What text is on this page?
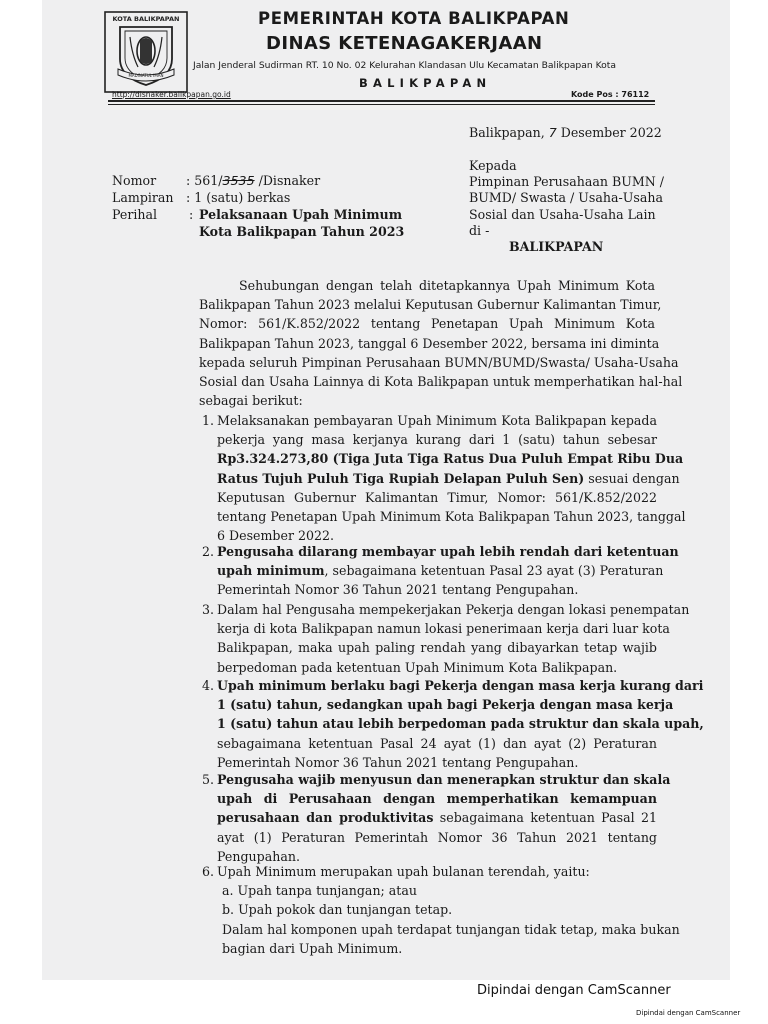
KOTA BALIKPAPAN
MADINATUL IMAN
PEMERINTAH KOTA BALIKPAPAN
DINAS KETENAGAKERJAAN
Jalan Jenderal Sudirman RT. 10 No. 02 Kelurahan Klandasan Ulu Kecamatan Balikpapan Kota
BALIKPAPAN
http://disnaker.balikpapan.go.id	Kode Pos : 76112
Balikpapan, 7 Desember 2022
Nomor : 561/3535 /Disnaker
Lampiran : 1 (satu) berkas
Perihal	: Pelaksanaan Upah Minimum
Kota Balikpapan Tahun 2023
Kepada
Pimpinan Perusahaan BUMN /
BUMD/ Swasta / Usaha-Usaha
Sosial dan Usaha-Usaha Lain
di -
BALIKPAPAN
Sehubungan dengan telah ditetapkannya Upah Minimum Kota
Balikpapan Tahun 2023 melalui Keputusan Gubernur Kalimantan Timur,
Nomor: 561/K.852/2022 tentang Penetapan Upah Minimum Kota
Balikpapan Tahun 2023, tanggal 6 Desember 2022, bersama ini diminta
kepada seluruh Pimpinan Perusahaan BUMN/BUMD/Swasta/ Usaha-Usaha
Sosial dan Usaha Lainnya di Kota Balikpapan untuk memperhatikan hal-hal
sebagai berikut:
1. Melaksanakan pembayaran Upah Minimum Kota Balikpapan kepada
pekerja yang masa kerjanya kurang dari 1 (satu) tahun sebesar
Rp3.324.273,80 (Tiga Juta Tiga Ratus Dua Puluh Empat Ribu Dua
Ratus Tujuh Puluh Tiga Rupiah Delapan Puluh Sen) sesuai dengan
Keputusan Gubernur Kalimantan Timur, Nomor: 561/K.852/2022
tentang Penetapan Upah Minimum Kota Balikpapan Tahun 2023, tanggal
6 Desember 2022.
2. Pengusaha dilarang membayar upah lebih rendah dari ketentuan
upah minimum, sebagaimana ketentuan Pasal 23 ayat (3) Peraturan
Pemerintah Nomor 36 Tahun 2021 tentang Pengupahan.
3. Dalam hal Pengusaha mempekerjakan Pekerja dengan lokasi penempatan
kerja di kota Balikpapan namun lokasi penerimaan kerja dari luar kota
Balikpapan, maka upah paling rendah yang dibayarkan tetap wajib
berpedoman pada ketentuan Upah Minimum Kota Balikpapan.
4. Upah minimum berlaku bagi Pekerja dengan masa kerja kurang dari
1 (satu) tahun, sedangkan upah bagi Pekerja dengan masa kerja
1 (satu) tahun atau lebih berpedoman pada struktur dan skala upah,
sebagaimana ketentuan Pasal 24 ayat (1) dan ayat (2) Peraturan
Pemerintah Nomor 36 Tahun 2021 tentang Pengupahan.
5. Pengusaha wajib menyusun dan menerapkan struktur dan skala
upah di Perusahaan dengan memperhatikan kemampuan
perusahaan dan produktivitas sebagaimana ketentuan Pasal 21
ayat (1) Peraturan Pemerintah Nomor 36 Tahun 2021 tentang
Pengupahan.
6. Upah Minimum merupakan upah bulanan terendah, yaitu:
a. Upah tanpa tunjangan; atau
b. Upah pokok dan tunjangan tetap.
Dalam hal komponen upah terdapat tunjangan tidak tetap, maka bukan
bagian dari Upah Minimum.
Dipindai dengan CamScanner
Dipindai dengan CamScanner
